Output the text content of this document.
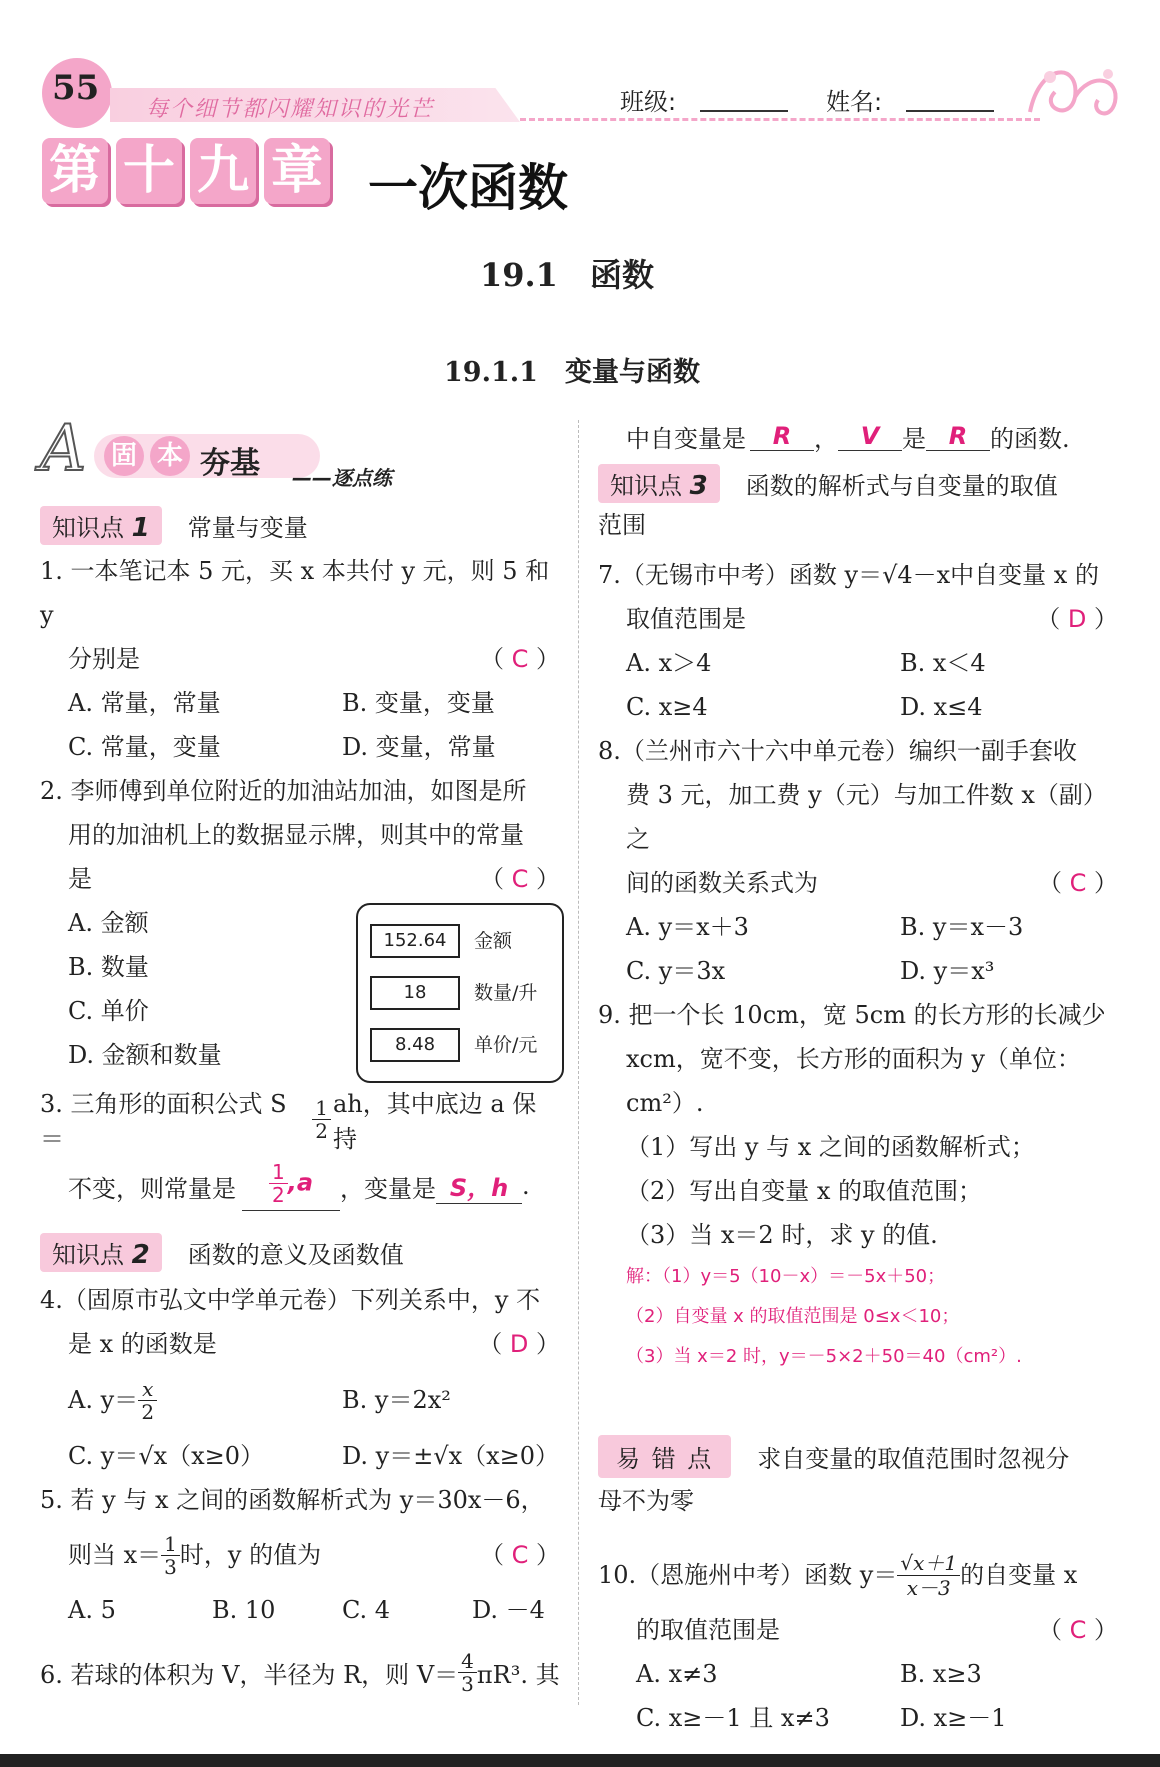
55
每个细节都闪耀知识的光芒	班级:	姓名:
第 十 九 章 一次函数
19.1　函数
19.1.1　变量与函数
A 固 本 夯基 ——逐点练
知识点 1	常量与变量
1. 一本笔记本 5 元，买 x 本共付 y 元，则 5 和 y
分别是	（ C ）
A. 常量，常量	B. 变量，变量
C. 常量，变量	D. 变量，常量
2. 李师傅到单位附近的加油站加油，如图是所
用的加油机上的数据显示牌，则其中的常量
是	（ C ）
A. 金额
B. 数量
C. 单价
D. 金额和数量
152.64	金额
18	数量/升
8.48	单价/元
3. 三角形的面积公式 S＝	$\frac{1}{2}$ ah，其中底边 a 保持
不变，则常量是 $\frac{1}{2} ,a$	，变量是 S，h .
知识点 2	函数的意义及函数值
4.（固原市弘文中学单元卷）下列关系中，y 不
是 x 的函数是	（ D ）
A. $y= \frac{x}{2}$	B. y＝2x²
C. y＝√x（x≥0）	D. y＝±√x（x≥0）
5. 若 y 与 x 之间的函数解析式为 y＝30x－6，
则当 $x= \frac{1}{3}$ 时，y 的值为	（ C ）
A. 5	B. 10	C. 4	D. －4
6. 若球的体积为 V，半径为 R，则 $V= \frac{4}{3} \pi R^3$. 其
中自变量是	R ， V 是 R 的函数.
知识点 3	函数的解析式与自变量的取值
范围
7.（无锡市中考）函数 y＝√4－x中自变量 x 的
取值范围是	（ D ）
A. x＞4	B. x＜4
C. x≥4	D. x≤4
8.（兰州市六十六中单元卷）编织一副手套收
费 3 元，加工费 y（元）与加工件数 x（副）之
间的函数关系式为	（ C ）
A. y＝x＋3	B. y＝x－3
C. y＝3x	D. y＝x³
9. 把一个长 10cm，宽 5cm 的长方形的长减少
xcm，宽不变，长方形的面积为 y（单位：
cm²）.
（1）写出 y 与 x 之间的函数解析式；
（2）写出自变量 x 的取值范围；
（3）当 x＝2 时，求 y 的值.
解：（1）y＝5（10－x）＝－5x＋50；
（2）自变量 x 的取值范围是 0≤x＜10；
（3）当 x＝2 时，y＝－5×2＋50＝40（cm²）.
易 错 点	求自变量的取值范围时忽视分
母不为零
10.（恩施州中考）函数 $y= \frac{√x+1}{x-3}$ 的自变量 x
的取值范围是	（ C ）
A. x≠3	B. x≥3
C. x≥－1 且 x≠3	D. x≥－1
